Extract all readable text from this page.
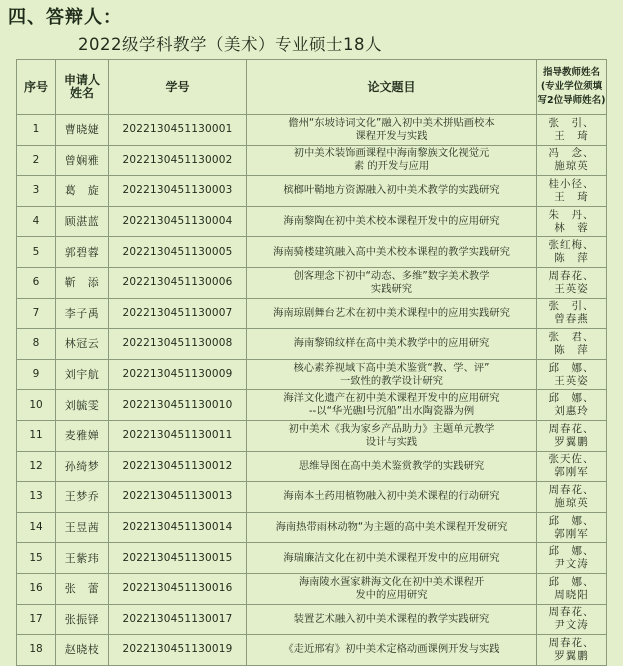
四、答辩人：
2022级学科教学（美术）专业硕士18人
序号	申请人
姓名	学号	论文题目	指导教师姓名
(专业学位须填
写2位导师姓名)

1	曹晓婕	2022130451130001	儋州“东坡诗词文化”融入初中美术拼贴画校本
课程开发与实践	张　引、
王　琦

2	曾娴雅	2022130451130002	初中美术装饰画课程中海南黎族文化视觉元
素 的开发与应用	冯　念、
施琼英

3	葛　旋	2022130451130003	槟榔叶鞘地方资源融入初中美术教学的实践研究	桂小径、
王　琦

4	顾湛蓝	2022130451130004	海南黎陶在初中美术校本课程开发中的应用研究	朱　丹、
林　蓉

5	郭碧蓉	2022130451130005	海南骑楼建筑融入高中美术校本课程的教学实践研究	张红梅、
陈　萍

6	靳　添	2022130451130006	创客理念下初中“动态、多维”数字美术教学
实践研究	周春花、
王英姿

7	李子禹	2022130451130007	海南琼剧舞台艺术在初中美术课程中的应用实践研究	张　引、
曾春燕

8	林冠云	2022130451130008	海南黎锦纹样在高中美术教学中的应用研究	张　君、
陈　萍

9	刘宇航	2022130451130009	核心素养视域下高中美术鉴赏“教、学、评”
一致性的教学设计研究	邱　娜、
王英姿

10	刘毓雯	2022130451130010	海洋文化遗产在初中美术课程开发中的应用研究
--以“华光礁Ⅰ号沉船”出水陶瓷器为例	邱　娜、
刘惠玲

11	麦雅婵	2022130451130011	初中美术《我为家乡产品助力》主题单元教学
设计与实践	周春花、
罗翼鹏

12	孙绮梦	2022130451130012	思维导图在高中美术鉴赏教学的实践研究	张天佐、
郭刚军

13	王梦乔	2022130451130013	海南本土药用植物融入初中美术课程的行动研究	周春花、
施琼英

14	王昱茜	2022130451130014	海南热带雨林动物“为主题的高中美术课程开发研究	邱　娜、
郭刚军

15	王紫玮	2022130451130015	海瑞廉洁文化在初中美术课程开发中的应用研究	邱　娜、
尹文涛

16	张　蕾	2022130451130016	海南陵水疍家耕海文化在初中美术课程开
发中的应用研究	邱　娜、
周晓阳

17	张振铎	2022130451130017	装置艺术融入初中美术课程的教学实践研究	周春花、
尹文涛

18	赵晓枝	2022130451130019	《走近邢宥》初中美术定格动画课例开发与实践	周春花、
罗翼鹏
